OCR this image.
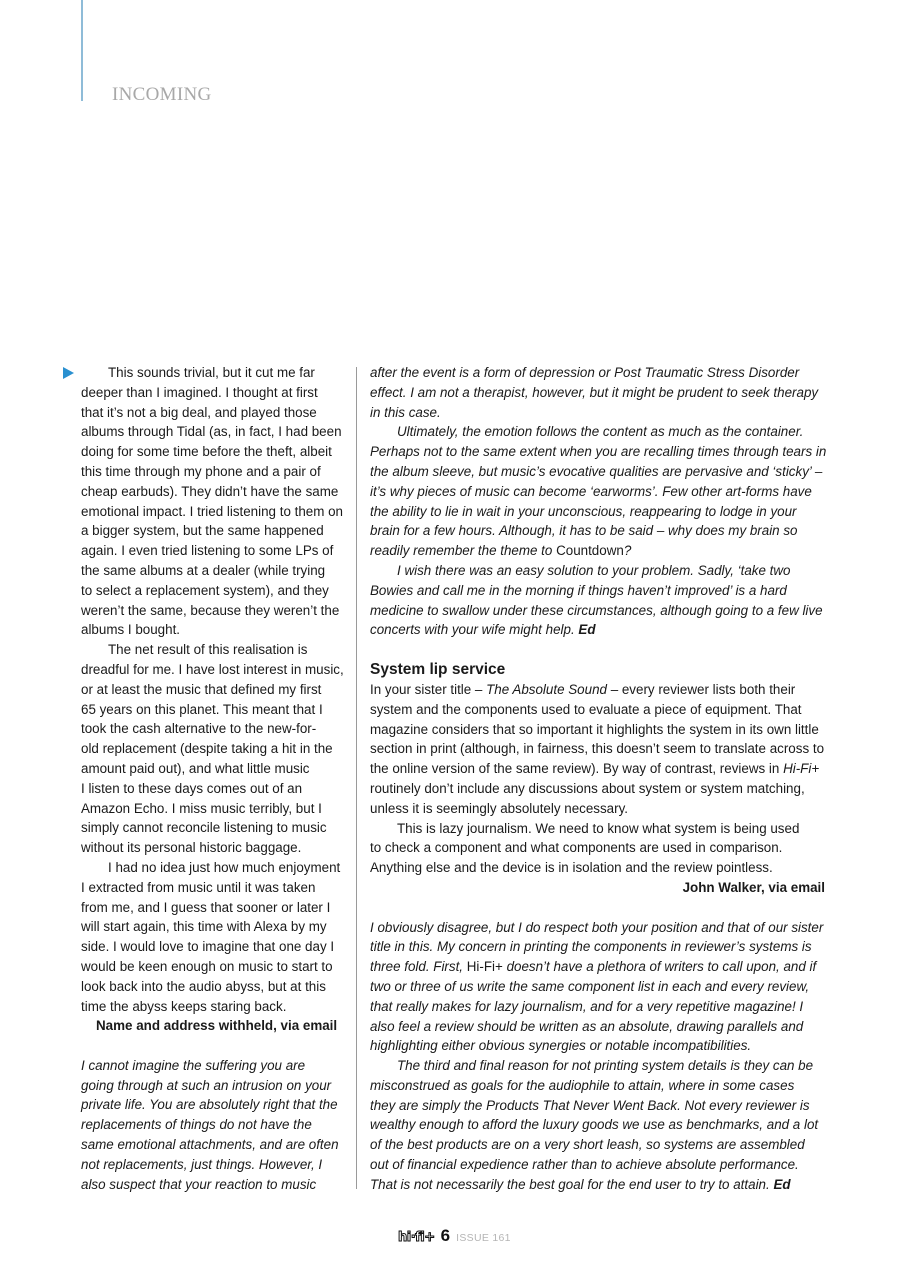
INCOMING
This sounds trivial, but it cut me far
deeper than I imagined. I thought at first
that it’s not a big deal, and played those
albums through Tidal (as, in fact, I had been
doing for some time before the theft, albeit
this time through my phone and a pair of
cheap earbuds). They didn’t have the same
emotional impact. I tried listening to them on
a bigger system, but the same happened
again. I even tried listening to some LPs of
the same albums at a dealer (while trying
to select a replacement system), and they
weren’t the same, because they weren’t the
albums I bought.
The net result of this realisation is
dreadful for me. I have lost interest in music,
or at least the music that defined my first
65 years on this planet. This meant that I
took the cash alternative to the new-for-
old replacement (despite taking a hit in the
amount paid out), and what little music
I listen to these days comes out of an
Amazon Echo. I miss music terribly, but I
simply cannot reconcile listening to music
without its personal historic baggage.
I had no idea just how much enjoyment
I extracted from music until it was taken
from me, and I guess that sooner or later I
will start again, this time with Alexa by my
side. I would love to imagine that one day I
would be keen enough on music to start to
look back into the audio abyss, but at this
time the abyss keeps staring back.
Name and address withheld, via email
I cannot imagine the suffering you are
going through at such an intrusion on your
private life. You are absolutely right that the
replacements of things do not have the
same emotional attachments, and are often
not replacements, just things. However, I
also suspect that your reaction to music
after the event is a form of depression or Post Traumatic Stress Disorder
effect. I am not a therapist, however, but it might be prudent to seek therapy
in this case.
Ultimately, the emotion follows the content as much as the container.
Perhaps not to the same extent when you are recalling times through tears in
the album sleeve, but music’s evocative qualities are pervasive and ‘sticky’ –
it’s why pieces of music can become ‘earworms’. Few other art-forms have
the ability to lie in wait in your unconscious, reappearing to lodge in your
brain for a few hours. Although, it has to be said – why does my brain so
readily remember the theme to Countdown?
I wish there was an easy solution to your problem. Sadly, ‘take two
Bowies and call me in the morning if things haven’t improved’ is a hard
medicine to swallow under these circumstances, although going to a few live
concerts with your wife might help. Ed
System lip service
In your sister title – The Absolute Sound – every reviewer lists both their
system and the components used to evaluate a piece of equipment. That
magazine considers that so important it highlights the system in its own little
section in print (although, in fairness, this doesn’t seem to translate across to
the online version of the same review). By way of contrast, reviews in Hi-Fi+
routinely don’t include any discussions about system or system matching,
unless it is seemingly absolutely necessary.
This is lazy journalism. We need to know what system is being used
to check a component and what components are used in comparison.
Anything else and the device is in isolation and the review pointless.
John Walker, via email
I obviously disagree, but I do respect both your position and that of our sister
title in this. My concern in printing the components in reviewer’s systems is
three fold. First, Hi-Fi+ doesn’t have a plethora of writers to call upon, and if
two or three of us write the same component list in each and every review,
that really makes for lazy journalism, and for a very repetitive magazine! I
also feel a review should be written as an absolute, drawing parallels and
highlighting either obvious synergies or notable incompatibilities.
The third and final reason for not printing system details is they can be
misconstrued as goals for the audiophile to attain, where in some cases
they are simply the Products That Never Went Back. Not every reviewer is
wealthy enough to afford the luxury goods we use as benchmarks, and a lot
of the best products are on a very short leash, so systems are assembled
out of financial expedience rather than to achieve absolute performance.
That is not necessarily the best goal for the end user to try to attain. Ed
hi·fi+ 6 ISSUE 161
